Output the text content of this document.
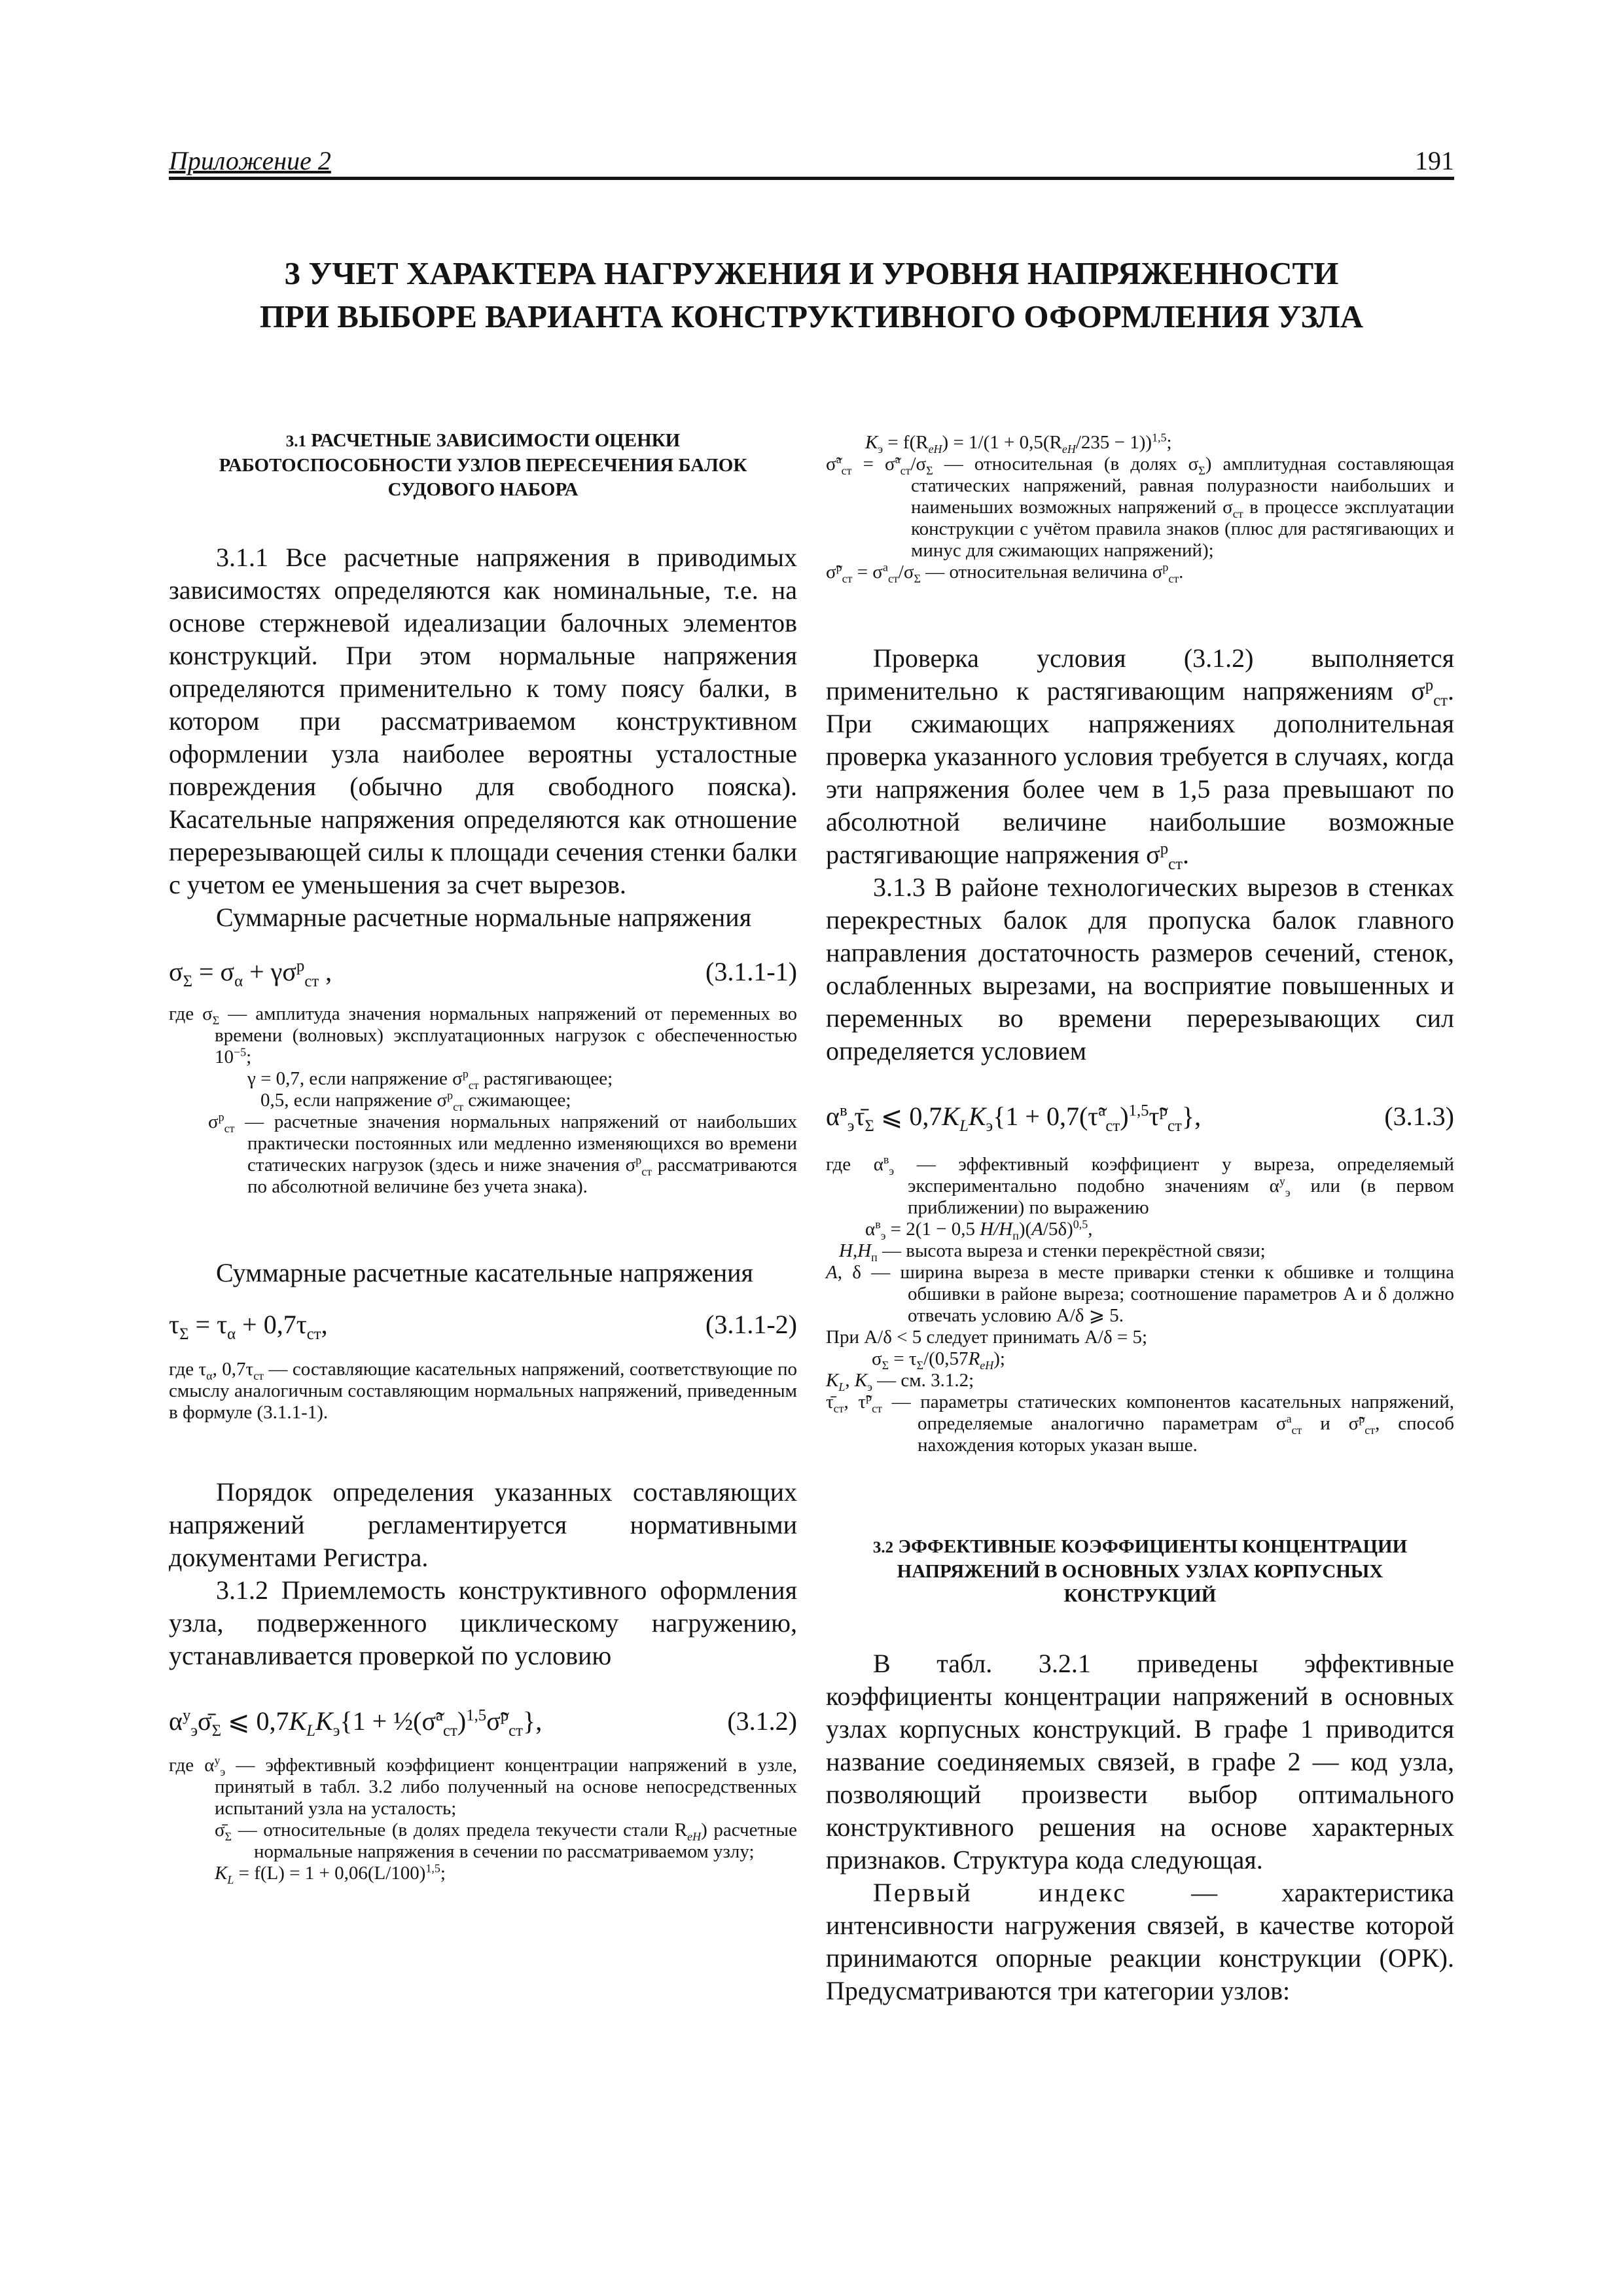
Приложение 2	191
3 УЧЕТ ХАРАКТЕРА НАГРУЖЕНИЯ И УРОВНЯ НАПРЯЖЕННОСТИ
ПРИ ВЫБОРЕ ВАРИАНТА КОНСТРУКТИВНОГО ОФОРМЛЕНИЯ УЗЛА
3.1 РАСЧЕТНЫЕ ЗАВИСИМОСТИ ОЦЕНКИ РАБОТОСПОСОБНОСТИ УЗЛОВ ПЕРЕСЕЧЕНИЯ БАЛОК СУДОВОГО НАБОРА

3.1.1 Все расчетные напряжения в приводимых зависимостях определяются как номинальные, т.е. на основе стержневой идеализации балочных элементов конструкций. При этом нормальные напряжения определяются применительно к тому поясу балки, в котором при рассматриваемом конструктивном оформлении узла наиболее вероятны усталостные повреждения (обычно для свободного пояска). Касательные напряжения определяются как отношение перерезывающей силы к площади сечения стенки балки с учетом ее уменьшения за счет вырезов.

Суммарные расчетные нормальные напряжения

$\sigma_\Sigma = \sigma_\alpha + \gamma\sigma^р_{ст}$ ,	(3.1.1-1)

где $\sigma_\Sigma$ — амплитуда значения нормальных напряжений от переменных во времени (волновых) эксплуатационных нагрузок с обеспеченностью $10^{-5}$;

γ = 0,7, если напряжение $\sigma^р_{ст}$ растягивающее;

0,5, если напряжение $\sigma^р_{ст}$ сжимающее;

$\sigma^р_{ст}$ — расчетные значения нормальных напряжений от наибольших практически постоянных или медленно изменяющихся во времени статических нагрузок (здесь и ниже значения $\sigma^р_{ст}$ рассматриваются по абсолютной величине без учета знака).

Суммарные расчетные касательные напряжения

$\tau_\Sigma = \tau_\alpha + 0,7\tau_{ст}$,	(3.1.1-2)

где $\tau_\alpha$, $0,7\tau_{ст}$ — составляющие касательных напряжений, соответствующие по смыслу аналогичным составляющим нормальных напряжений, приведенным в формуле (3.1.1-1).

Порядок определения указанных составляющих напряжений регламентируется нормативными документами Регистра.

3.1.2 Приемлемость конструктивного оформления узла, подверженного циклическому нагружению, устанавливается проверкой по условию

$\alpha^у_э\sigmā_\Sigma$ ⩽ $0,7K_LK_э\{1$ + ½(σ̃$^а_{ст}$)$^{1,5}$σ̃$^р_{ст}$},	(3.1.2)

где $\alpha^у_э$ — эффективный коэффициент концентрации напряжений в узле, принятый в табл. 3.2 либо полученный на основе непосредственных испытаний узла на усталость;

$\sigmā_\Sigma$ — относительные (в долях предела текучести стали $R_{eH}$) расчетные нормальные напряжения в сечении по рассматриваемом узлу;

$K_L = f(L) = 1 + 0,06(L/100)^{1,5}$;

$K_э = f(R_{eH}) = 1/(1 + 0,5(R_{eH}/235 - 1))^{1,5}$;

σ̃$^а_{ст}$ = $\sigmã^а_{ст}/\sigma_\Sigma$ — относительная (в долях $\sigma_\Sigma$) амплитудная составляющая статических напряжений, равная полуразности наибольших и наименьших возможных напряжений $\sigma_{ст}$ в процессе эксплуатации конструкции с учётом правила знаков (плюс для растягивающих и минус для сжимающих напряжений);

σ̃$^р_{ст}$ = $\sigma^а_{ст}/\sigma_\Sigma$ — относительная величина $\sigma^р_{ст}$.

Проверка условия (3.1.2) выполняется применительно к растягивающим напряжениям $\sigma^р_{ст}$. При сжимающих напряжениях дополнительная проверка указанного условия требуется в случаях, когда эти напряжения более чем в 1,5 раза превышают по абсолютной величине наибольшие возможные растягивающие напряжения $\sigma^р_{ст}$.

3.1.3 В районе технологических вырезов в стенках перекрестных балок для пропуска балок главного направления достаточность размеров сечений, стенок, ослабленных вырезами, на восприятие повышенных и переменных во времени перерезывающих сил определяется условием

$\alpha^в_э\taū_\Sigma$ ⩽ $0,7K_LK_э\{1$ + 0,7(τ̃$^а_{ст}$)$^{1,5}$τ̃$^р_{ст}$},	(3.1.3)

где $\alpha^в_э$ — эффективный коэффициент у выреза, определяемый экспериментально подобно значениям $\alpha^у_э$ или (в первом приближении) по выражению

$\alpha^в_э = 2(1 - 0,5$ $H/H_п)(A/5\delta)^{0,5}$,

$H,H_п$ — высота выреза и стенки перекрёстной связи;

A, δ — ширина выреза в месте приварки стенки к обшивке и толщина обшивки в районе выреза; соотношение параметров A и δ должно отвечать условию A/δ ⩾ 5.

При A/δ < 5 следует принимать A/δ = 5;

$\sigma_\Sigma = \tau_\Sigma/(0,57R_{eH})$;

$K_L$, $K_э$ — см. 3.1.2;

$\taū_{ст}$, τ̃$^р_{ст}$ — параметры статических компонентов касательных напряжений, определяемые аналогично параметрам $\sigma^а_{ст}$ и σ̃$^р_{ст}$, способ нахождения которых указан выше.

3.2 ЭФФЕКТИВНЫЕ КОЭФФИЦИЕНТЫ КОНЦЕНТРАЦИИ НАПРЯЖЕНИЙ В ОСНОВНЫХ УЗЛАХ КОРПУСНЫХ КОНСТРУКЦИЙ

В табл. 3.2.1 приведены эффективные коэффициенты концентрации напряжений в основных узлах корпусных конструкций. В графе 1 приводится название соединяемых связей, в графе 2 — код узла, позволяющий произвести выбор оптимального конструктивного решения на основе характерных признаков. Структура кода следующая.

Первый индекс — характеристика интенсивности нагружения связей, в качестве которой принимаются опорные реакции конструкции (ОРК). Предусматриваются три категории узлов:
